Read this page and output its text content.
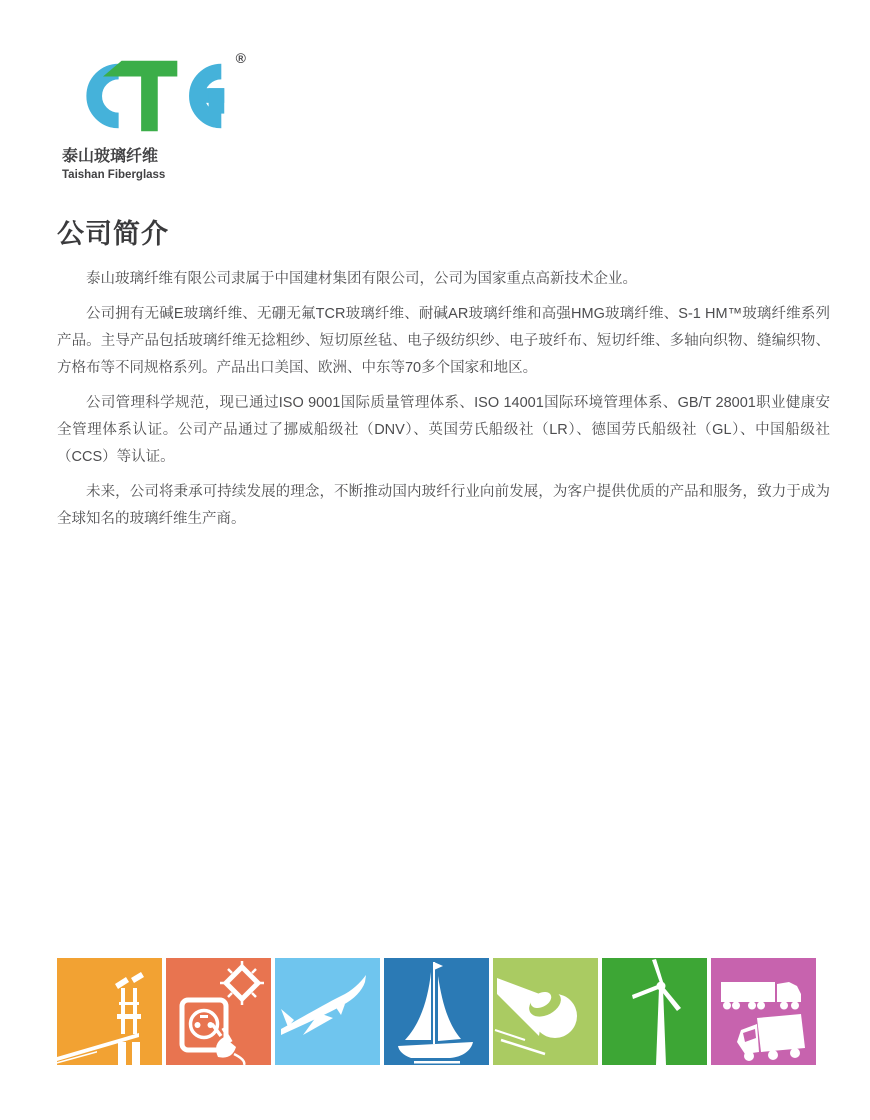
®
泰山玻璃纤维
Taishan Fiberglass
公司简介

泰山玻璃纤维有限公司隶属于中国建材集团有限公司，公司为国家重点高新技术企业。

公司拥有无碱E玻璃纤维、无硼无氟TCR玻璃纤维、耐碱AR玻璃纤维和高强HMG玻璃纤维、S-1 HM™玻璃纤维系列产品。主导产品包括玻璃纤维无捻粗纱、短切原丝毡、电子级纺织纱、电子玻纤布、短切纤维、多轴向织物、缝编织物、方格布等不同规格系列。产品出口美国、欧洲、中东等70多个国家和地区。

公司管理科学规范，现已通过ISO 9001国际质量管理体系、ISO 14001国际环境管理体系、GB/T 28001职业健康安全管理体系认证。公司产品通过了挪威船级社（DNV）、英国劳氏船级社（LR）、德国劳氏船级社（GL）、中国船级社（CCS）等认证。

未来，公司将秉承可持续发展的理念，不断推动国内玻纤行业向前发展，为客户提供优质的产品和服务，致力于成为全球知名的玻璃纤维生产商。
